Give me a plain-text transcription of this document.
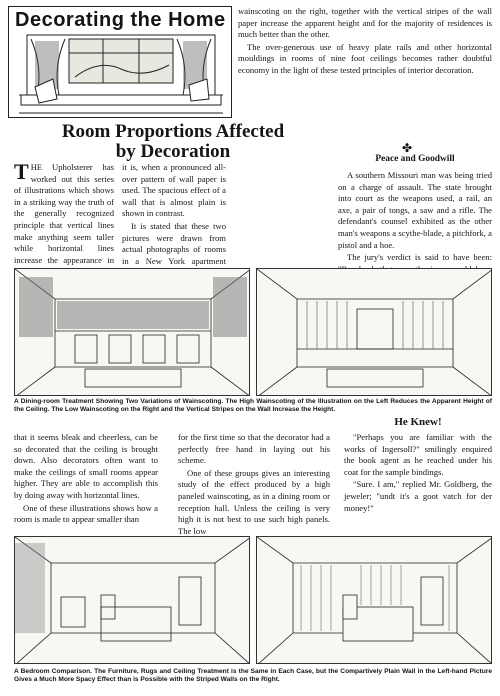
Decorating the Home
Room Proportions Affected
by Decoration

THE Upholsterer has worked out this series of illustrations which shows in a striking way the truth of the generally recognized principle that vertical lines make anything seem taller while horizontal lines increase the appearance in

it is, when a pronounced all-over pattern of wall paper is used. The spacious effect of a wall that is almost plain is shown in contrast.

It is stated that these two pictures were drawn from actual photographs of rooms in a New York apartment

wainscoting on the right, together with the vertical stripes of the wall paper increase the apparent height and for the majority of residences is much better than the other.

The over-generous use of heavy plate rails and other horizontal mouldings in rooms of nine foot ceilings becomes rather doubtful economy in the light of these tested principles of interior decoration.

✤
Peace and Goodwill

A southern Missouri man was being tried on a charge of assault. The state brought into court as the weapons used, a rail, an axe, a pair of tongs, a saw and a rifle. The defendant's counsel exhibited as the other man's weapons a scythe-blade, a pitchfork, a pistol and a hoe.

The jury's verdict is said to have been:

A Dining-room Treatment Showing Two Variations of Wainscoting. The High Wainscoting of the Illustration on the Left Reduces the Apparent Height of the Ceiling. The Low Wainscoting on the Right and the Vertical Stripes on the Wall Increase the Height.

that it seems bleak and cheerless, can be so decorated that the ceiling is brought down. Also decorators often want to make the ceilings of small rooms appear higher. They are able to accomplish this by doing away with horizontal lines.

One of these illustrations shows how a room is made to appear smaller than

for the first time so that the decorator had a perfectly free hand in laying out his scheme.

One of these groups gives an interesting study of the effect produced by a high paneled wainscoting, as in a dining room or reception hall. Unless the ceiling is very high it is not best to use such high panels. The low

He Knew!

"Perhaps you are familiar with the works of Ingersoll?" smilingly enquired the book agent as he reached under his coat for the sample bindings.

"Sure. I am," replied Mr. Goldberg, the jeweler; "undt it's a goot vatch for der money!"

A Bedroom Comparison. The Furniture, Rugs and Ceiling Treatment is the Same in Each Case, but the Compartively Plain Wall in the Left-hand Picture Gives a Much More Spacy Effect than is Possible with the Striped Walls on the Right.
